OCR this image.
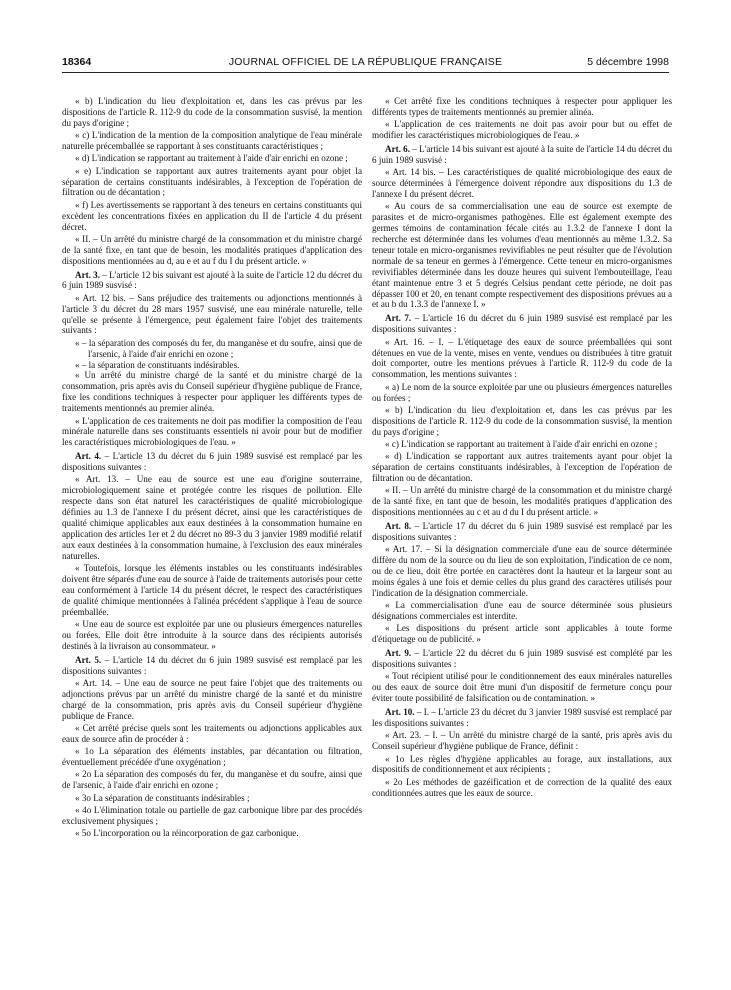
18364	JOURNAL OFFICIEL DE LA RÉPUBLIQUE FRANÇAISE	5 décembre 1998

« b) L'indication du lieu d'exploitation et, dans les cas prévus par les dispositions de l'article R. 112-9 du code de la consommation susvisé, la mention du pays d'origine ;

« c) L'indication de la mention de la composition analytique de l'eau minérale naturelle précemballée se rapportant à ses constituants caractéristiques ;

« d) L'indication se rapportant au traitement à l'aide d'air enrichi en ozone ;

« e) L'indication se rapportant aux autres traitements ayant pour objet la séparation de certains constituants indésirables, à l'exception de l'opération de filtration ou de décantation ;

« f) Les avertissements se rapportant à des teneurs en certains constituants qui excèdent les concentrations fixées en application du II de l'article 4 du présent décret.

« II. – Un arrêté du ministre chargé de la consommation et du ministre chargé de la santé fixe, en tant que de besoin, les modalités pratiques d'application des dispositions mentionnées au d, au e et au f du I du présent article. »

Art. 3. – L'article 12 bis suivant est ajouté à la suite de l'article 12 du décret du 6 juin 1989 susvisé :

« Art. 12 bis. – Sans préjudice des traitements ou adjonctions mentionnés à l'article 3 du décret du 28 mars 1957 susvisé, une eau minérale naturelle, telle qu'elle se présente à l'émergence, peut également faire l'objet des traitements suivants :

« – la séparation des composés du fer, du manganèse et du soufre, ainsi que de l'arsenic, à l'aide d'air enrichi en ozone ;

« – la séparation de constituants indésirables.

« Un arrêté du ministre chargé de la santé et du ministre chargé de la consommation, pris après avis du Conseil supérieur d'hygiène publique de France, fixe les conditions techniques à respecter pour appliquer les différents types de traitements mentionnés au premier alinéa.

« L'application de ces traitements ne doit pas modifier la composition de l'eau minérale naturelle dans ses constituants essentiels ni avoir pour but de modifier les caractéristiques microbiologiques de l'eau. »

Art. 4. – L'article 13 du décret du 6 juin 1989 susvisé est remplacé par les dispositions suivantes :

« Art. 13. – Une eau de source est une eau d'origine souterraine, microbiologiquement saine et protégée contre les risques de pollution. Elle respecte dans son état naturel les caractéristiques de qualité microbiologique définies au 1.3 de l'annexe I du présent décret, ainsi que les caractéristiques de qualité chimique applicables aux eaux destinées à la consommation humaine en application des articles 1er et 2 du décret no 89-3 du 3 janvier 1989 modifié relatif aux eaux destinées à la consommation humaine, à l'exclusion des eaux minérales naturelles.

« Toutefois, lorsque les éléments instables ou les constituants indésirables doivent être séparés d'une eau de source à l'aide de traitements autorisés pour cette eau conformément à l'article 14 du présent décret, le respect des caractéristiques de qualité chimique mentionnées à l'alinéa précédent s'applique à l'eau de source préemballée.

« Une eau de source est exploitée par une ou plusieurs émergences naturelles ou forées. Elle doit être introduite à la source dans des récipients autorisés destinés à la livraison au consommateur. »

Art. 5. – L'article 14 du décret du 6 juin 1989 susvisé est remplacé par les dispositions suivantes :

« Art. 14. – Une eau de source ne peut faire l'objet que des traitements ou adjonctions prévus par un arrêté du ministre chargé de la santé et du ministre chargé de la consommation, pris après avis du Conseil supérieur d'hygiène publique de France.

« Cet arrêté précise quels sont les traitements ou adjonctions applicables aux eaux de source afin de procéder à :

« 1o La séparation des éléments instables, par décantation ou filtration, éventuellement précédée d'une oxygénation ;

« 2o La séparation des composés du fer, du manganèse et du soufre, ainsi que de l'arsenic, à l'aide d'air enrichi en ozone ;

« 3o La séparation de constituants indésirables ;

« 4o L'élimination totale ou partielle de gaz carbonique libre par des procédés exclusivement physiques ;

« 5o L'incorporation ou la réincorporation de gaz carbonique.

« Cet arrêté fixe les conditions techniques à respecter pour appliquer les différents types de traitements mentionnés au premier alinéa.

« L'application de ces traitements ne doit pas avoir pour but ou effet de modifier les caractéristiques microbiologiques de l'eau. »

Art. 6. – L'article 14 bis suivant est ajouté à la suite de l'article 14 du décret du 6 juin 1989 susvisé :

« Art. 14 bis. – Les caractéristiques de qualité microbiologique des eaux de source déterminées à l'émergence doivent répondre aux dispositions du 1.3 de l'annexe I du présent décret.

« Au cours de sa commercialisation une eau de source est exempte de parasites et de micro-organismes pathogènes. Elle est également exempte des germes témoins de contamination fécale cités au 1.3.2 de l'annexe I dont la recherche est déterminée dans les volumes d'eau mentionnés au même 1.3.2. Sa teneur totale en micro-organismes revivifiables ne peut résulter que de l'évolution normale de sa teneur en germes à l'émergence. Cette teneur en micro-organismes revivifiables déterminée dans les douze heures qui suivent l'embouteillage, l'eau étant maintenue entre 3 et 5 degrés Celsius pendant cette période, ne doit pas dépasser 100 et 20, en tenant compte respectivement des dispositions prévues au a et au b du 1.3.3 de l'annexe I. »

Art. 7. – L'article 16 du décret du 6 juin 1989 susvisé est remplacé par les dispositions suivantes :

« Art. 16. – I. – L'étiquetage des eaux de source préemballées qui sont détenues en vue de la vente, mises en vente, vendues ou distribuées à titre gratuit doit comporter, outre les mentions prévues à l'article R. 112-9 du code de la consommation, les mentions suivantes :

« a) Le nom de la source exploitée par une ou plusieurs émergences naturelles ou forées ;

« b) L'indication du lieu d'exploitation et, dans les cas prévus par les dispositions de l'article R. 112-9 du code de la consommation susvisé, la mention du pays d'origine ;

« c) L'indication se rapportant au traitement à l'aide d'air enrichi en ozone ;

« d) L'indication se rapportant aux autres traitements ayant pour objet la séparation de certains constituants indésirables, à l'exception de l'opération de filtration ou de décantation.

« II. – Un arrêté du ministre chargé de la consommation et du ministre chargé de la santé fixe, en tant que de besoin, les modalités pratiques d'application des dispositions mentionnées au c et au d du I du présent article. »

Art. 8. – L'article 17 du décret du 6 juin 1989 susvisé est remplacé par les dispositions suivantes :

« Art. 17. – Si la désignation commerciale d'une eau de source déterminée diffère du nom de la source ou du lieu de son exploitation, l'indication de ce nom, ou de ce lieu, doit être portée en caractères dont la hauteur et la largeur sont au moins égales à une fois et demie celles du plus grand des caractères utilisés pour l'indication de la désignation commerciale.

« La commercialisation d'une eau de source déterminée sous plusieurs désignations commerciales est interdite.

« Les dispositions du présent article sont applicables à toute forme d'étiquetage ou de publicité. »

Art. 9. – L'article 22 du décret du 6 juin 1989 susvisé est complété par les dispositions suivantes :

« Tout récipient utilisé pour le conditionnement des eaux minérales naturelles ou des eaux de source doit être muni d'un dispositif de fermeture conçu pour éviter toute possibilité de falsification ou de contamination. »

Art. 10. – I. – L'article 23 du décret du 3 janvier 1989 susvisé est remplacé par les dispositions suivantes :

« Art. 23. – I. – Un arrêté du ministre chargé de la santé, pris après avis du Conseil supérieur d'hygiène publique de France, définit :

« 1o Les règles d'hygiène applicables au forage, aux installations, aux dispositifs de conditionnement et aux récipients ;

« 2o Les méthodes de gazéification et de correction de la qualité des eaux conditionnées autres que les eaux de source.
